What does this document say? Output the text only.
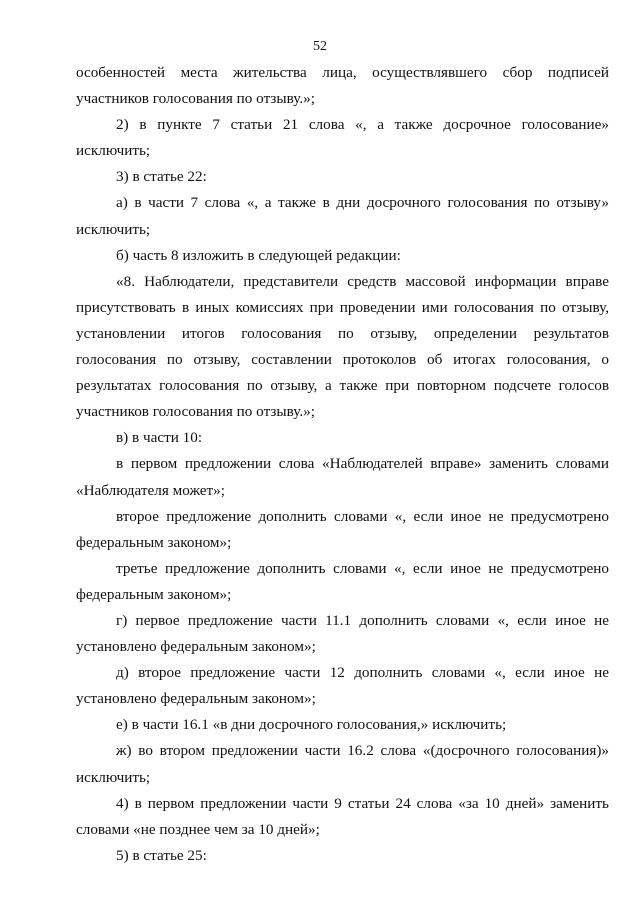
52

особенностей места жительства лица, осуществлявшего сбор подписей участников голосования по отзыву.»;

2) в пункте 7 статьи 21 слова «, а также досрочное голосование» исключить;

3) в статье 22:

а) в части 7 слова «, а также в дни досрочного голосования по отзыву» исключить;

б) часть 8 изложить в следующей редакции:

«8. Наблюдатели, представители средств массовой информации вправе присутствовать в иных комиссиях при проведении ими голосования по отзыву, установлении итогов голосования по отзыву, определении результатов голосования по отзыву, составлении протоколов об итогах голосования, о результатах голосования по отзыву, а также при повторном подсчете голосов участников голосования по отзыву.»;

в) в части 10:

в первом предложении слова «Наблюдателей вправе» заменить словами «Наблюдателя может»;

второе предложение дополнить словами «, если иное не предусмотрено федеральным законом»;

третье предложение дополнить словами «, если иное не предусмотрено федеральным законом»;

г) первое предложение части 11.1 дополнить словами «, если иное не установлено федеральным законом»;

д) второе предложение части 12 дополнить словами «, если иное не установлено федеральным законом»;

е) в части 16.1 «в дни досрочного голосования,» исключить;

ж) во втором предложении части 16.2 слова «(досрочного голосования)» исключить;

4) в первом предложении части 9 статьи 24 слова «за 10 дней» заменить словами «не позднее чем за 10 дней»;

5) в статье 25:
